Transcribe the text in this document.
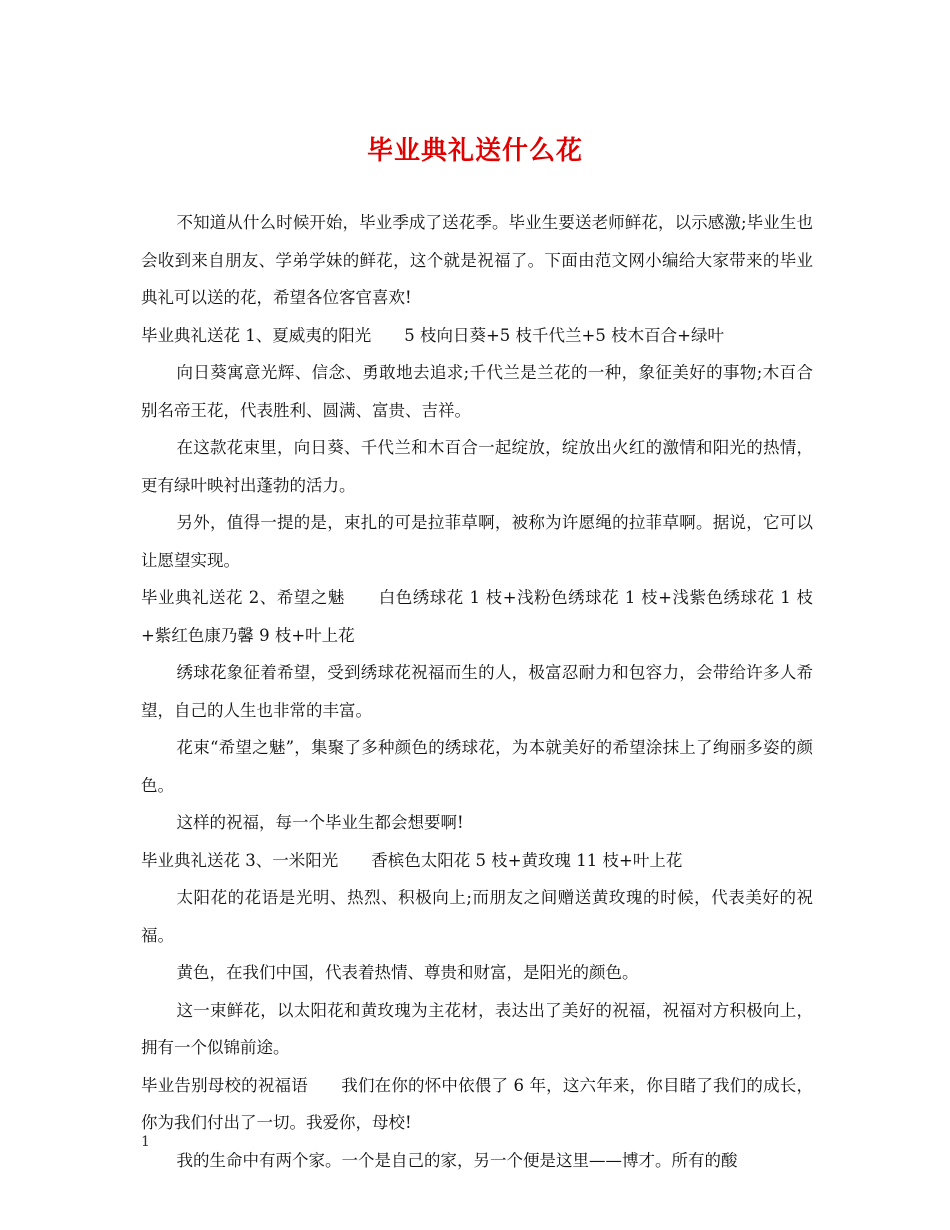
毕业典礼送什么花

不知道从什么时候开始，毕业季成了送花季。毕业生要送老师鲜花，以示感激;毕业生也会收到来自朋友、学弟学妹的鲜花，这个就是祝福了。下面由范文网小编给大家带来的毕业典礼可以送的花，希望各位客官喜欢!

毕业典礼送花 1、夏威夷的阳光　　5 枝向日葵+5 枝千代兰+5 枝木百合+绿叶

向日葵寓意光辉、信念、勇敢地去追求;千代兰是兰花的一种，象征美好的事物;木百合别名帝王花，代表胜利、圆满、富贵、吉祥。

在这款花束里，向日葵、千代兰和木百合一起绽放，绽放出火红的激情和阳光的热情，更有绿叶映衬出蓬勃的活力。

另外，值得一提的是，束扎的可是拉菲草啊，被称为许愿绳的拉菲草啊。据说，它可以让愿望实现。

毕业典礼送花 2、希望之魅　　白色绣球花 1 枝+浅粉色绣球花 1 枝+浅紫色绣球花 1 枝+紫红色康乃馨 9 枝+叶上花

绣球花象征着希望，受到绣球花祝福而生的人，极富忍耐力和包容力，会带给许多人希望，自己的人生也非常的丰富。

花束“希望之魅”，集聚了多种颜色的绣球花，为本就美好的希望涂抹上了绚丽多姿的颜色。

这样的祝福，每一个毕业生都会想要啊!

毕业典礼送花 3、一米阳光　　香槟色太阳花 5 枝+黄玫瑰 11 枝+叶上花

太阳花的花语是光明、热烈、积极向上;而朋友之间赠送黄玫瑰的时候，代表美好的祝福。

黄色，在我们中国，代表着热情、尊贵和财富，是阳光的颜色。

这一束鲜花，以太阳花和黄玫瑰为主花材，表达出了美好的祝福，祝福对方积极向上，拥有一个似锦前途。

毕业告别母校的祝福语　　我们在你的怀中依偎了 6 年，这六年来，你目睹了我们的成长，你为我们付出了一切。我爱你，母校!

我的生命中有两个家。一个是自己的家，另一个便是这里——博才。所有的酸

1
